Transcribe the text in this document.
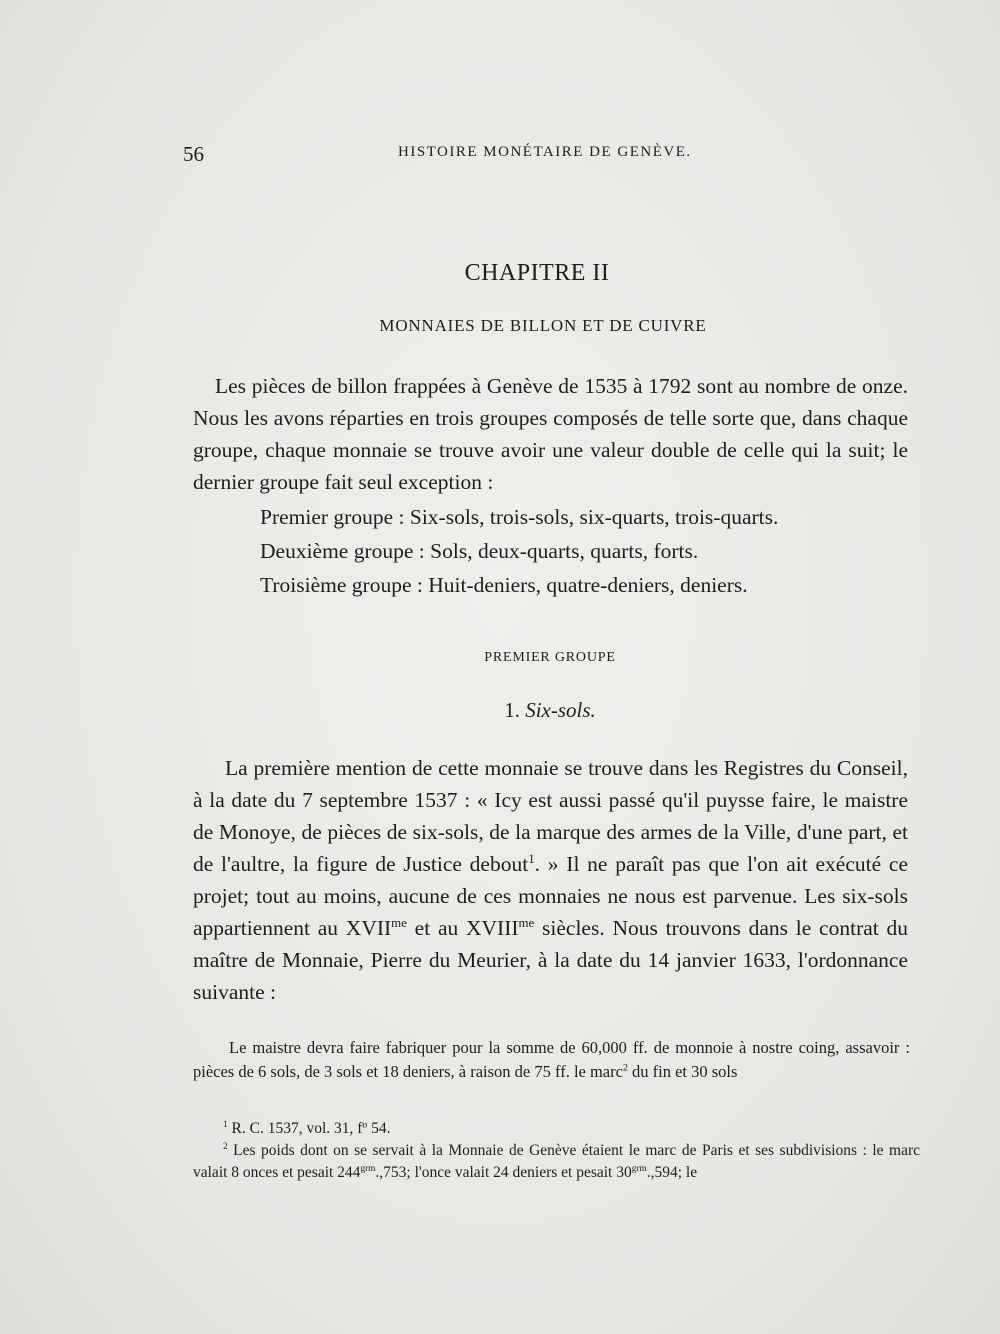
56	HISTOIRE MONÉTAIRE DE GENÈVE.
CHAPITRE II
MONNAIES DE BILLON ET DE CUIVRE
Les pièces de billon frappées à Genève de 1535 à 1792 sont au nombre de onze. Nous les avons réparties en trois groupes composés de telle sorte que, dans chaque groupe, chaque monnaie se trouve avoir une valeur double de celle qui la suit; le dernier groupe fait seul exception :
Premier groupe : Six-sols, trois-sols, six-quarts, trois-quarts.
Deuxième groupe : Sols, deux-quarts, quarts, forts.
Troisième groupe : Huit-deniers, quatre-deniers, deniers.
PREMIER GROUPE
1. Six-sols.
La première mention de cette monnaie se trouve dans les Registres du Conseil, à la date du 7 septembre 1537 : « Icy est aussi passé qu'il puysse faire, le maistre de Monoye, de pièces de six-sols, de la marque des armes de la Ville, d'une part, et de l'aultre, la figure de Justice debout$^1$. » Il ne paraît pas que l'on ait exécuté ce projet; tout au moins, aucune de ces monnaies ne nous est parvenue. Les six-sols appartiennent au $XVII^{me}$ et au $XVIII^{me}$ siècles. Nous trouvons dans le contrat du maître de Monnaie, Pierre du Meurier, à la date du 14 janvier 1633, l'ordonnance suivante :
Le maistre devra faire fabriquer pour la somme de 60,000 ff. de monnoie à nostre coing, assavoir : pièces de 6 sols, de 3 sols et 18 deniers, à raison de 75 ff. le marc$^2$ du fin et 30 sols
$^1$ R. C. 1537, vol. 31, fº 54.
$^2$ Les poids dont on se servait à la Monnaie de Genève étaient le marc de Paris et ses subdivisions : le marc valait 8 onces et pesait $244^{grm}.,753$; l'once valait 24 deniers et pesait $30^{grm}.,594$; le
